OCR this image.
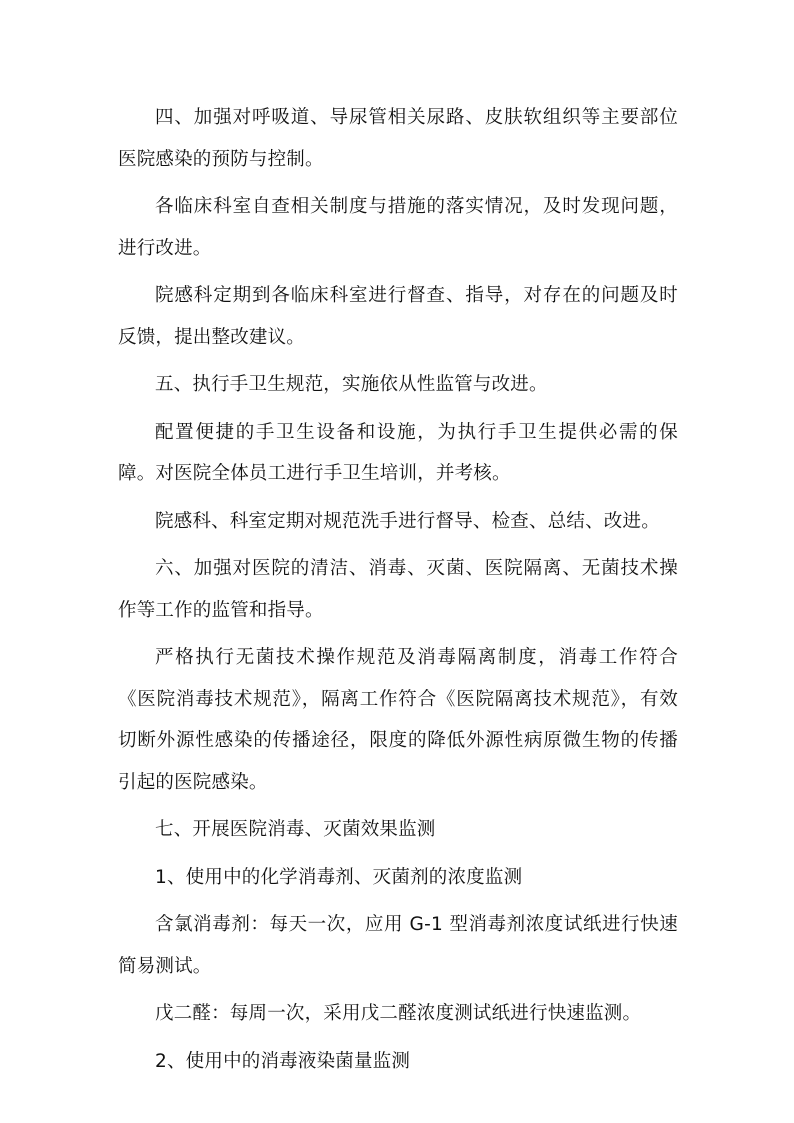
四、加强对呼吸道、导尿管相关尿路、皮肤软组织等主要部位医院感染的预防与控制。

各临床科室自查相关制度与措施的落实情况，及时发现问题，进行改进。

院感科定期到各临床科室进行督查、指导，对存在的问题及时反馈，提出整改建议。

五、执行手卫生规范，实施依从性监管与改进。

配置便捷的手卫生设备和设施，为执行手卫生提供必需的保障。对医院全体员工进行手卫生培训，并考核。

院感科、科室定期对规范洗手进行督导、检查、总结、改进。

六、加强对医院的清洁、消毒、灭菌、医院隔离、无菌技术操作等工作的监管和指导。

严格执行无菌技术操作规范及消毒隔离制度，消毒工作符合《医院消毒技术规范》，隔离工作符合《医院隔离技术规范》，有效切断外源性感染的传播途径，限度的降低外源性病原微生物的传播引起的医院感染。

七、开展医院消毒、灭菌效果监测

1、使用中的化学消毒剂、灭菌剂的浓度监测

含氯消毒剂：每天一次，应用 G-1 型消毒剂浓度试纸进行快速简易测试。

戊二醛：每周一次，采用戊二醛浓度测试纸进行快速监测。

2、使用中的消毒液染菌量监测
